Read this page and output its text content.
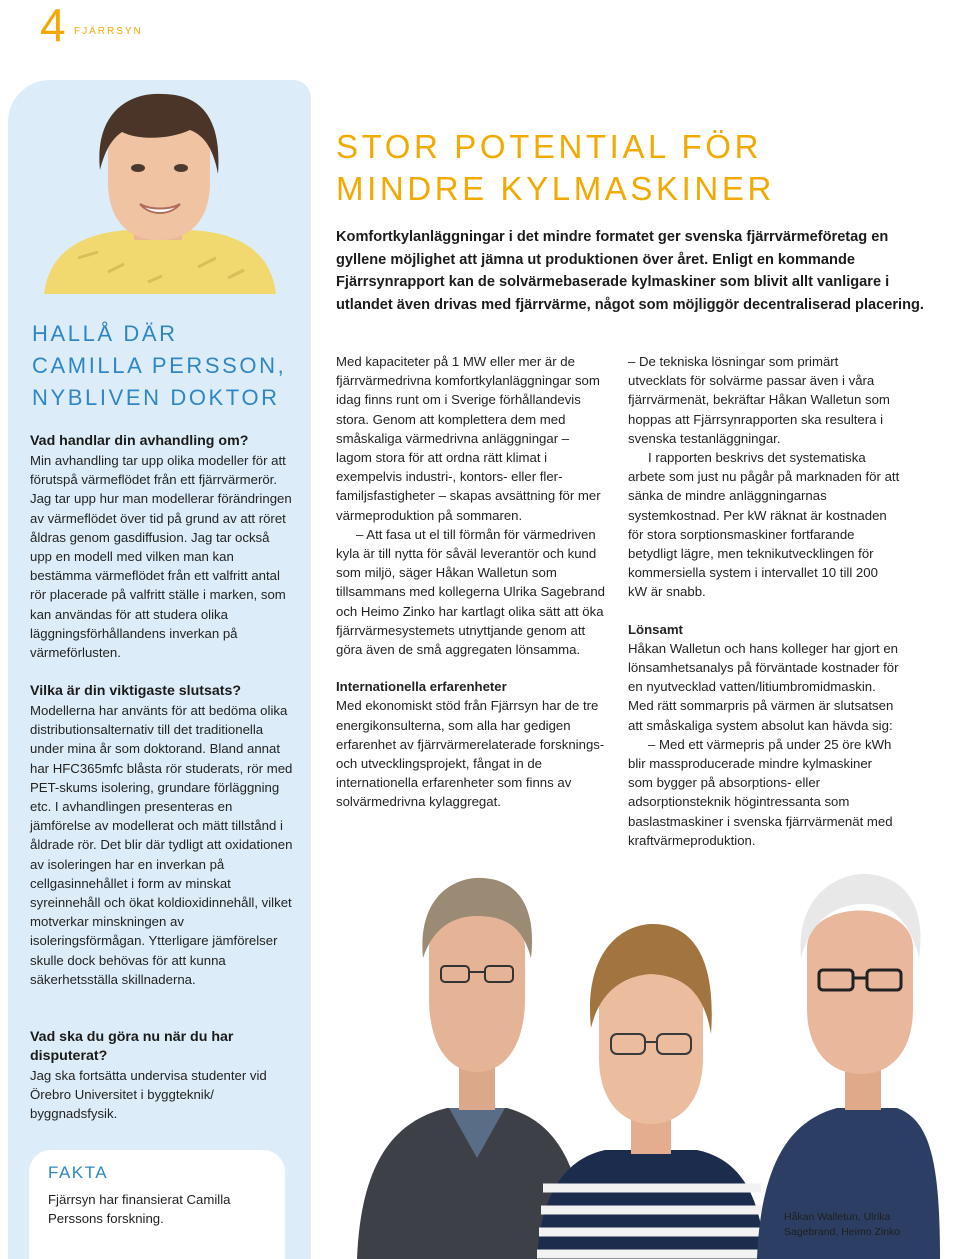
4 FJÄRRSYN
HALLÅ DÄR
CAMILLA PERSSON,
NYBLIVEN DOKTOR
Vad handlar din avhandling om?

Min avhandling tar upp olika modeller för att förutspå värmeflödet från ett fjärrvärmerör. Jag tar upp hur man modellerar förändringen av värmeflödet över tid på grund av att röret åldras genom gasdiffusion. Jag tar också upp en modell med vilken man kan bestämma värmeflödet från ett valfritt antal rör placerade på valfritt ställe i marken, som kan användas för att studera olika läggningsförhållandens inverkan på värmeförlusten.

Vilka är din viktigaste slutsats?

Modellerna har använts för att bedöma olika distributionsalternativ till det traditionella under mina år som doktorand. Bland annat har HFC365mfc blåsta rör studerats, rör med PET-skums isolering, grundare förläggning etc. I avhandlingen presenteras en jämförelse av modellerat och mätt tillstånd i åldrade rör. Det blir där tydligt att oxidationen av isoleringen har en inverkan på cellgasinnehållet i form av minskat syreinnehåll och ökat koldioxidinnehåll, vilket motverkar minskningen av isoleringsförmågan. Ytterligare jämförelser skulle dock behövas för att kunna säkerhetsställa skillnaderna.

Vad ska du göra nu när du har disputerat?

Jag ska fortsätta undervisa studenter vid Örebro Universitet i byggteknik/ byggnadsfysik.

FAKTA
Fjärrsyn har finansierat Camilla Perssons forskning.
STOR POTENTIAL FÖR
MINDRE KYLMASKINER
Komfortkylanläggningar i det mindre formatet ger svenska fjärrvärmeföretag en gyllene möjlighet att jämna ut produktionen över året. Enligt en kommande Fjärrsynrapport kan de solvärmebaserade kylmaskiner som blivit allt vanligare i utlandet även drivas med fjärrvärme, något som möjliggör decentraliserad placering.

Med kapaciteter på 1 MW eller mer är de fjärrvärmedrivna komfortkylanläggningar som idag finns runt om i Sverige förhållandevis stora. Genom att komplettera dem med småskaliga värmedrivna anläggningar – lagom stora för att ordna rätt klimat i exempelvis industri-, kontors- eller flerfamiljsfastigheter – skapas avsättning för mer värmeproduktion på sommaren.

– Att fasa ut el till förmån för värmedriven kyla är till nytta för såväl leverantör och kund som miljö, säger Håkan Walletun som tillsammans med kollegerna Ulrika Sagebrand och Heimo Zinko har kartlagt olika sätt att öka fjärrvärmesystemets utnyttjande genom att göra även de små aggregaten lönsamma.

Internationella erfarenheter

Med ekonomiskt stöd från Fjärrsyn har de tre energikonsulterna, som alla har gedigen erfarenhet av fjärrvärmerelaterade forsknings- och utvecklingsprojekt, fångat in de internationella erfarenheter som finns av solvärmedrivna kylaggregat.

– De tekniska lösningar som primärt utvecklats för solvärme passar även i våra fjärrvärmenät, bekräftar Håkan Walletun som hoppas att Fjärrsynrapporten ska resultera i svenska testanläggningar.

I rapporten beskrivs det systematiska arbete som just nu pågår på marknaden för att sänka de mindre anläggningarnas systemkostnad. Per kW räknat är kostnaden för stora sorptionsmaskiner fortfarande betydligt lägre, men teknikutvecklingen för kommersiella system i intervallet 10 till 200 kW är snabb.

Lönsamt

Håkan Walletun och hans kolleger har gjort en lönsamhetsanalys på förväntade kostnader för en nyutvecklad vatten/litiumbromidmaskin. Med rätt sommarpris på värmen är slutsatsen att småskaliga system absolut kan hävda sig:

– Med ett värmepris på under 25 öre kWh blir massproducerade mindre kylmaskiner som bygger på absorptions- eller adsorptionsteknik högintressanta som baslastmaskiner i svenska fjärrvärmenät med kraftvärmeproduktion.

Håkan Walletun, Ulrika Sagebrand, Heimo Zinko
